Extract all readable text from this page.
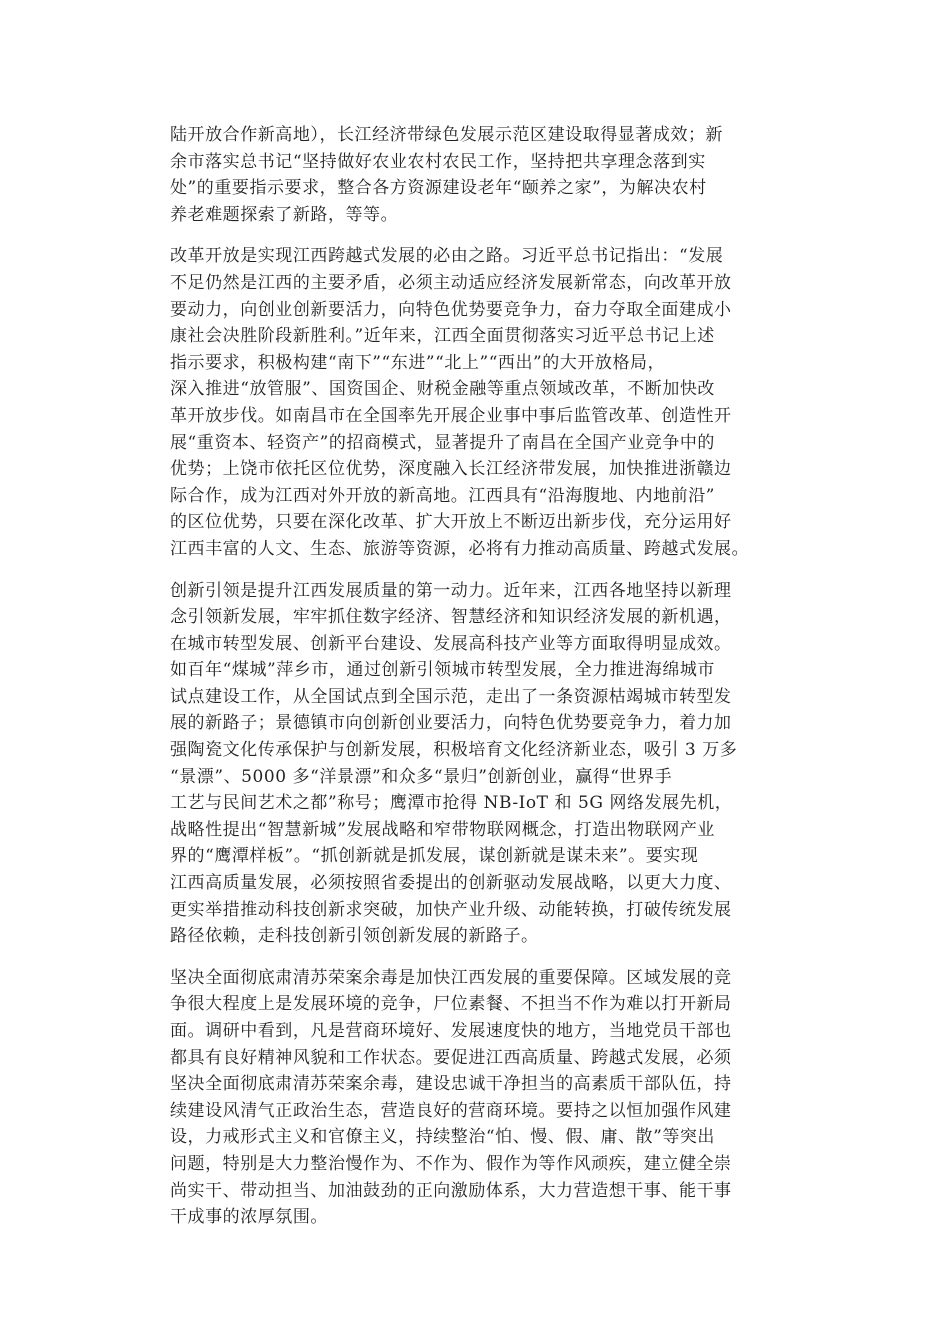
陆开放合作新高地），长江经济带绿色发展示范区建设取得显著成效；新
余市落实总书记“坚持做好农业农村农民工作，坚持把共享理念落到实
处”的重要指示要求，整合各方资源建设老年“颐养之家”，为解决农村
养老难题探索了新路，等等。

改革开放是实现江西跨越式发展的必由之路。习近平总书记指出：“发展
不足仍然是江西的主要矛盾，必须主动适应经济发展新常态，向改革开放
要动力，向创业创新要活力，向特色优势要竞争力，奋力夺取全面建成小
康社会决胜阶段新胜利。”近年来，江西全面贯彻落实习近平总书记上述
指示要求，积极构建“南下”“东进”“北上”“西出”的大开放格局，
深入推进“放管服”、国资国企、财税金融等重点领域改革，不断加快改
革开放步伐。如南昌市在全国率先开展企业事中事后监管改革、创造性开
展“重资本、轻资产”的招商模式，显著提升了南昌在全国产业竞争中的
优势；上饶市依托区位优势，深度融入长江经济带发展，加快推进浙赣边
际合作，成为江西对外开放的新高地。江西具有“沿海腹地、内地前沿”
的区位优势，只要在深化改革、扩大开放上不断迈出新步伐，充分运用好
江西丰富的人文、生态、旅游等资源，必将有力推动高质量、跨越式发展。

创新引领是提升江西发展质量的第一动力。近年来，江西各地坚持以新理
念引领新发展，牢牢抓住数字经济、智慧经济和知识经济发展的新机遇，
在城市转型发展、创新平台建设、发展高科技产业等方面取得明显成效。
如百年“煤城”萍乡市，通过创新引领城市转型发展，全力推进海绵城市
试点建设工作，从全国试点到全国示范，走出了一条资源枯竭城市转型发
展的新路子；景德镇市向创新创业要活力，向特色优势要竞争力，着力加
强陶瓷文化传承保护与创新发展，积极培育文化经济新业态，吸引 3 万多
“景漂”、5000 多“洋景漂”和众多“景归”创新创业，赢得“世界手
工艺与民间艺术之都”称号；鹰潭市抢得 NB-IoT 和 5G 网络发展先机，
战略性提出“智慧新城”发展战略和窄带物联网概念，打造出物联网产业
界的“鹰潭样板”。“抓创新就是抓发展，谋创新就是谋未来”。要实现
江西高质量发展，必须按照省委提出的创新驱动发展战略，以更大力度、
更实举措推动科技创新求突破，加快产业升级、动能转换，打破传统发展
路径依赖，走科技创新引领创新发展的新路子。

坚决全面彻底肃清苏荣案余毒是加快江西发展的重要保障。区域发展的竞
争很大程度上是发展环境的竞争，尸位素餐、不担当不作为难以打开新局
面。调研中看到，凡是营商环境好、发展速度快的地方，当地党员干部也
都具有良好精神风貌和工作状态。要促进江西高质量、跨越式发展，必须
坚决全面彻底肃清苏荣案余毒，建设忠诚干净担当的高素质干部队伍，持
续建设风清气正政治生态，营造良好的营商环境。要持之以恒加强作风建
设，力戒形式主义和官僚主义，持续整治“怕、慢、假、庸、散”等突出
问题，特别是大力整治慢作为、不作为、假作为等作风顽疾，建立健全崇
尚实干、带动担当、加油鼓劲的正向激励体系，大力营造想干事、能干事
干成事的浓厚氛围。
